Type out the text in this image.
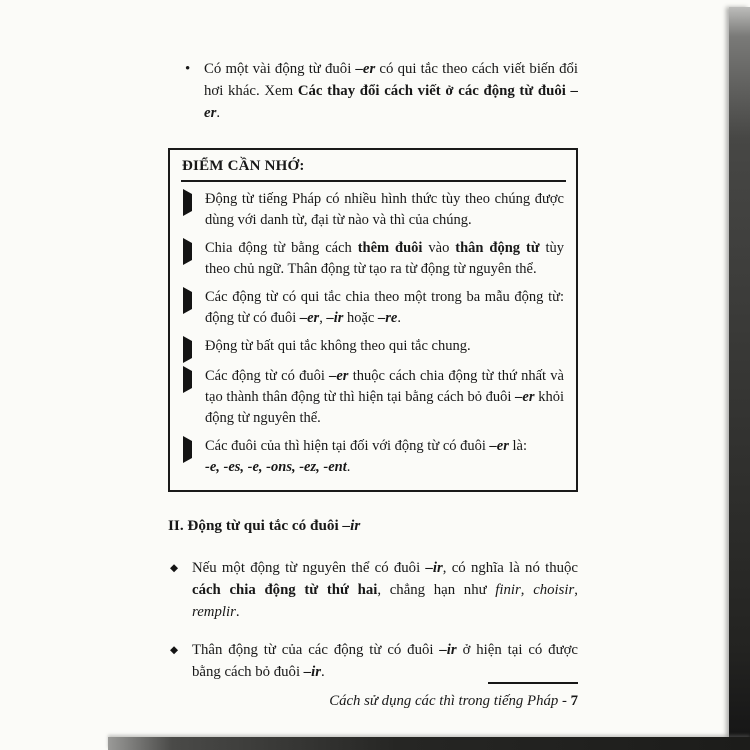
• Có một vài động từ đuôi –er có qui tắc theo cách viết biến đổi hơi khác. Xem Các thay đổi cách viết ở các động từ đuôi –er.
ĐIỂM CẦN NHỚ:
Động từ tiếng Pháp có nhiều hình thức tùy theo chúng được dùng với danh từ, đại từ nào và thì của chúng.
Chia động từ bằng cách thêm đuôi vào thân động từ tùy theo chủ ngữ. Thân động từ tạo ra từ động từ nguyên thể.
Các động từ có qui tắc chia theo một trong ba mẫu động từ: động từ có đuôi –er, –ir hoặc –re.
Động từ bất qui tắc không theo qui tắc chung.
Các động từ có đuôi –er thuộc cách chia động từ thứ nhất và tạo thành thân động từ thì hiện tại bằng cách bỏ đuôi –er khỏi động từ nguyên thể.
Các đuôi của thì hiện tại đối với động từ có đuôi –er là:
-e, -es, -e, -ons, -ez, -ent.
II. Động từ qui tắc có đuôi –ir
◆ Nếu một động từ nguyên thể có đuôi –ir, có nghĩa là nó thuộc cách chia động từ thứ hai, chẳng hạn như finir, choisir, remplir.
◆ Thân động từ của các động từ có đuôi –ir ở hiện tại có được bằng cách bỏ đuôi –ir.
Cách sử dụng các thì trong tiếng Pháp - 7
